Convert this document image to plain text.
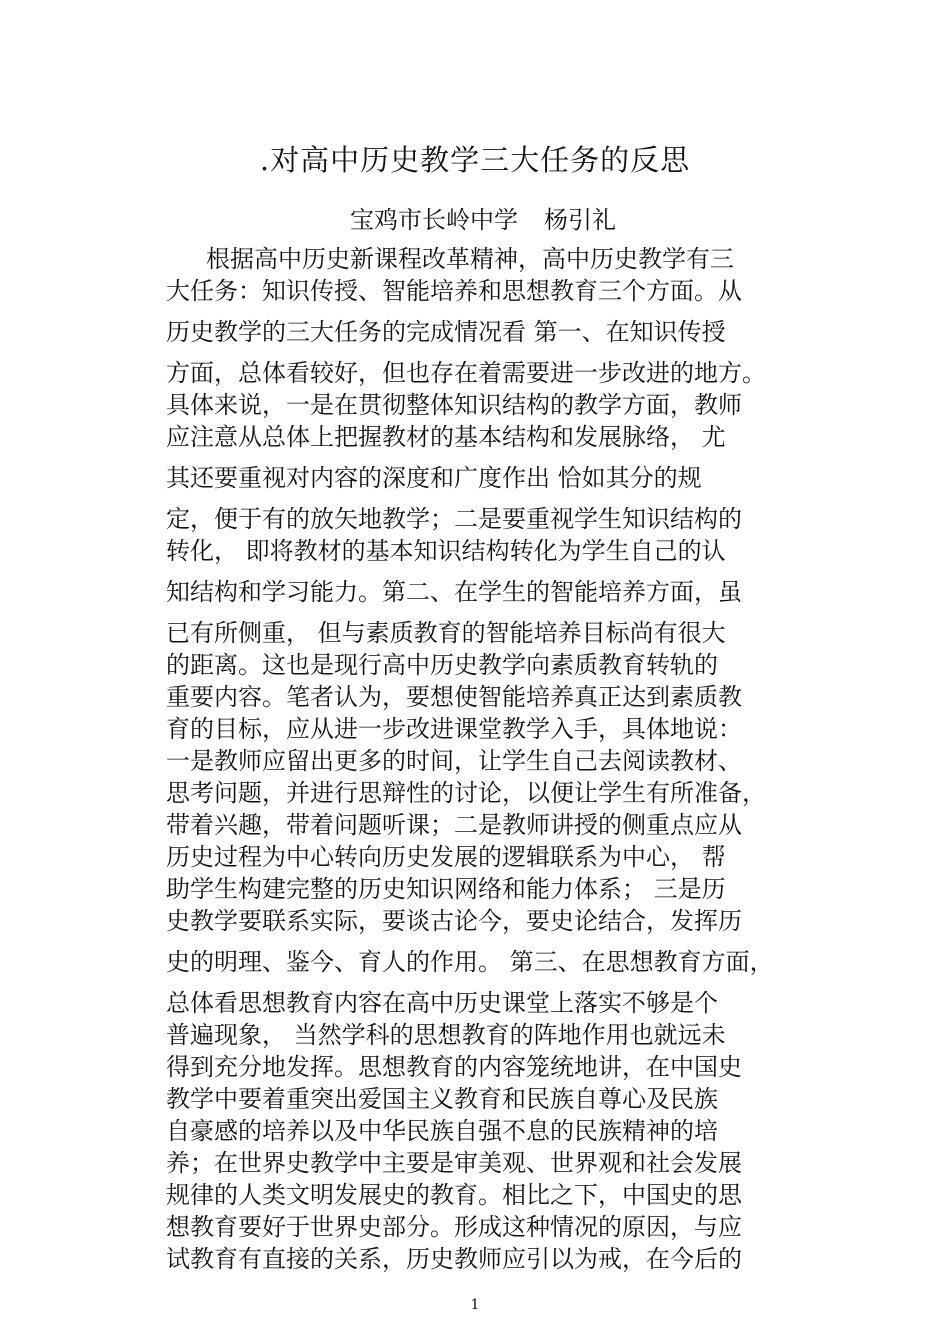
.对高中历史教学三大任务的反思
宝鸡市长岭中学 杨引礼
根据高中历史新课程改革精神，高中历史教学有三
大任务：知识传授、智能培养和思想教育三个方面。从
历史教学的三大任务的完成情况看 第一、在知识传授
方面，总体看较好，但也存在着需要进一步改进的地方。
具体来说，一是在贯彻整体知识结构的教学方面，教师
应注意从总体上把握教材的基本结构和发展脉络， 尤
其还要重视对内容的深度和广度作出 恰如其分的规
定，便于有的放矢地教学；二是要重视学生知识结构的
转化， 即将教材的基本知识结构转化为学生自己的认
知结构和学习能力。第二、在学生的智能培养方面，虽
已有所侧重， 但与素质教育的智能培养目标尚有很大
的距离。这也是现行高中历史教学向素质教育转轨的
重要内容。笔者认为，要想使智能培养真正达到素质教
育的目标，应从进一步改进课堂教学入手，具体地说：
一是教师应留出更多的时间，让学生自己去阅读教材、
思考问题，并进行思辩性的讨论，以便让学生有所准备，
带着兴趣，带着问题听课；二是教师讲授的侧重点应从
历史过程为中心转向历史发展的逻辑联系为中心， 帮
助学生构建完整的历史知识网络和能力体系； 三是历
史教学要联系实际，要谈古论今，要史论结合，发挥历
史的明理、鉴今、育人的作用。 第三、在思想教育方面，
总体看思想教育内容在高中历史课堂上落实不够是个
普遍现象， 当然学科的思想教育的阵地作用也就远未
得到充分地发挥。思想教育的内容笼统地讲，在中国史
教学中要着重突出爱国主义教育和民族自尊心及民族
自豪感的培养以及中华民族自强不息的民族精神的培
养；在世界史教学中主要是审美观、世界观和社会发展
规律的人类文明发展史的教育。相比之下，中国史的思
想教育要好于世界史部分。形成这种情况的原因，与应
试教育有直接的关系，历史教师应引以为戒，在今后的
1
